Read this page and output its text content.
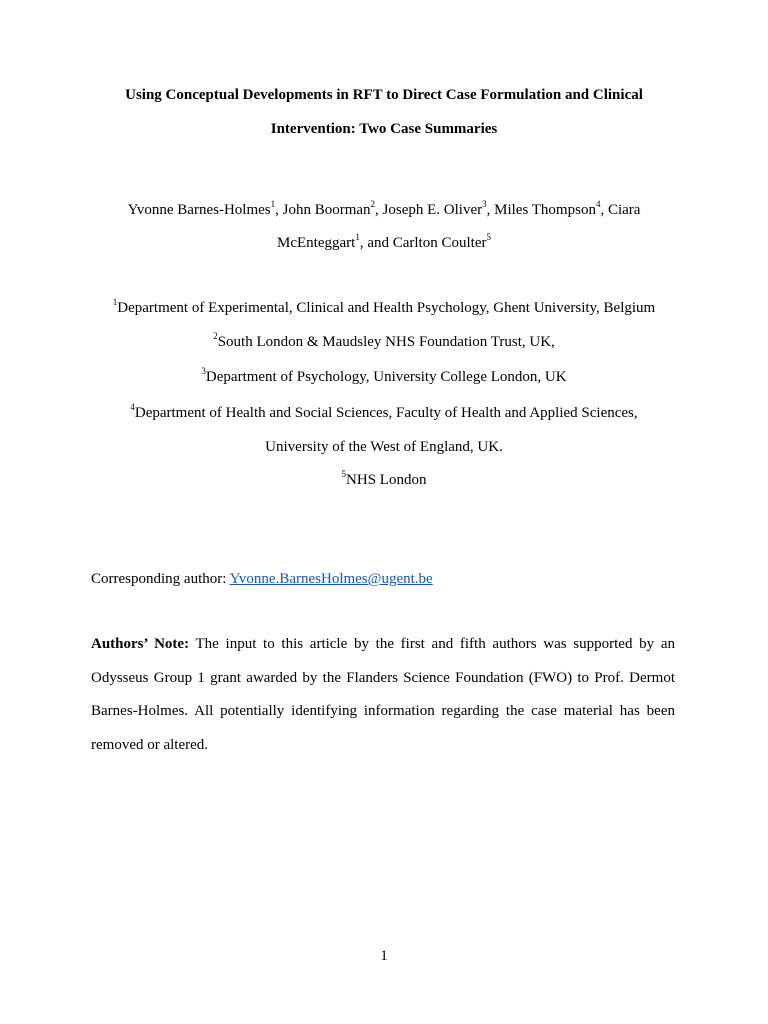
Using Conceptual Developments in RFT to Direct Case Formulation and Clinical
Intervention: Two Case Summaries
Yvonne Barnes-Holmes$^1$, John Boorman$^2$, Joseph E. Oliver$^3$, Miles Thompson$^4$, Ciara
McEnteggart$^1$, and Carlton Coulter$^5$
$^1$Department of Experimental, Clinical and Health Psychology, Ghent University, Belgium
$^2$South London & Maudsley NHS Foundation Trust, UK,
$^3$Department of Psychology, University College London, UK
$^4$Department of Health and Social Sciences, Faculty of Health and Applied Sciences,
University of the West of England, UK.
$^5$NHS London
Corresponding author: Yvonne.BarnesHolmes@ugent.be
Authors’ Note: The input to this article by the first and fifth authors was supported by an Odysseus Group 1 grant awarded by the Flanders Science Foundation (FWO) to Prof. Dermot Barnes-Holmes. All potentially identifying information regarding the case material has been removed or altered.
1
